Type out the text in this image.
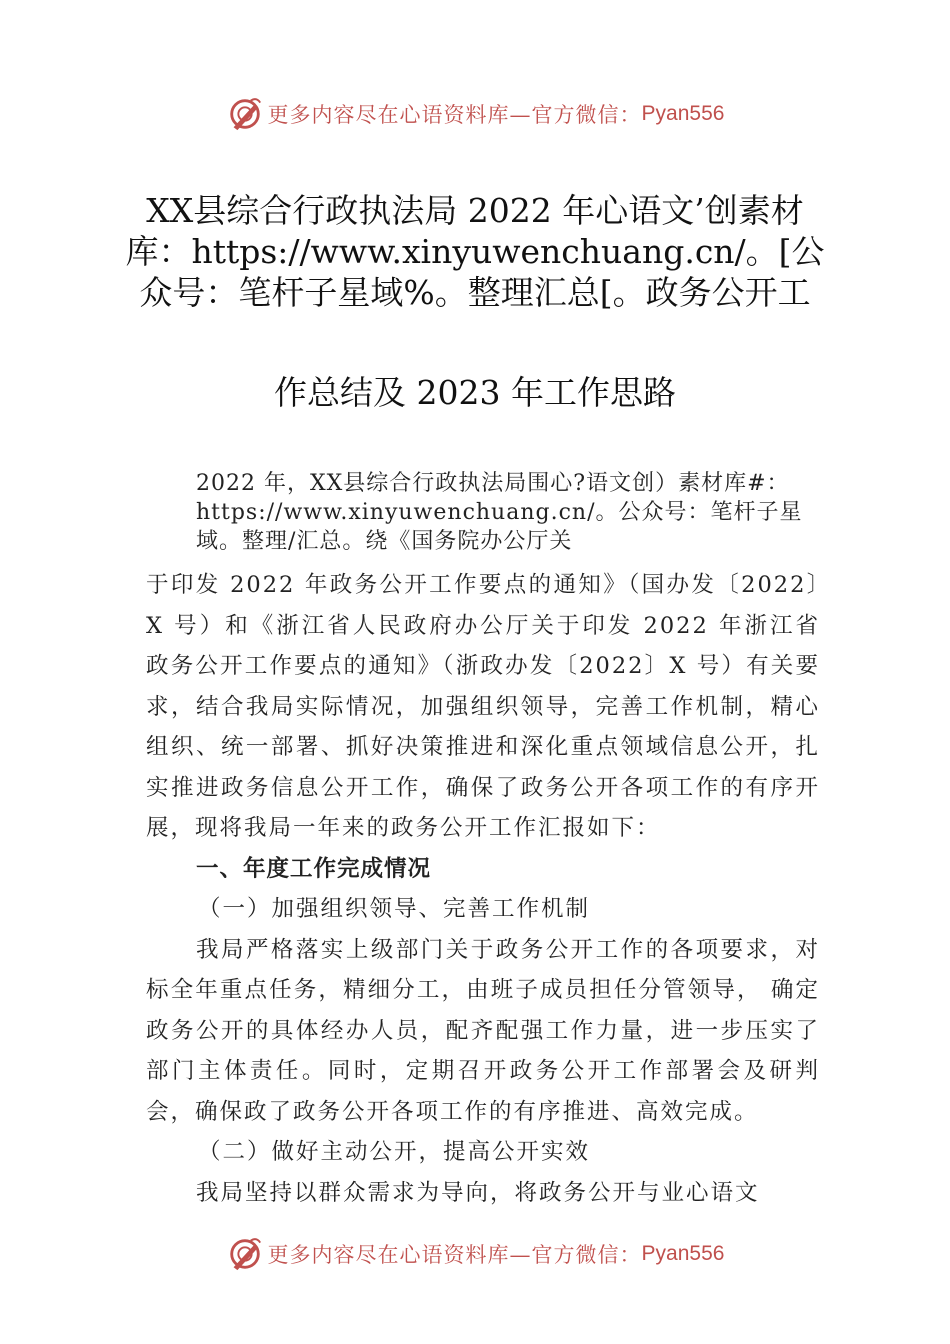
更多内容尽在心语资料库—官方微信： Pyan556
XX县综合行政执法局 2022 年心语文’创素材库：https://www.xinyuwenchuang.cn/。[公众号：笔杆子星域%。整理汇总[。政务公开工
作总结及 2023 年工作思路
2022 年，XX县综合行政执法局围心?语文创）素材库#：https://www.xinyuwenchuang.cn/。公众号：笔杆子星域。整理/汇总。绕《国务院办公厅关

于印发 2022 年政务公开工作要点的通知》（国办发〔2022〕X 号）和《浙江省人民政府办公厅关于印发 2022 年浙江省政务公开工作要点的通知》（浙政办发〔2022〕X 号）有关要求，结合我局实际情况，加强组织领导，完善工作机制，精心组织、统一部署、抓好决策推进和深化重点领域信息公开，扎实推进政务信息公开工作，确保了政务公开各项工作的有序开展，现将我局一年来的政务公开工作汇报如下：

一、年度工作完成情况

（一）加强组织领导、完善工作机制

我局严格落实上级部门关于政务公开工作的各项要求，对标全年重点任务，精细分工，由班子成员担任分管领导， 确定政务公开的具体经办人员，配齐配强工作力量，进一步压实了部门主体责任。同时，定期召开政务公开工作部署会及研判会，确保政了政务公开各项工作的有序推进、高效完成。

（二）做好主动公开，提高公开实效

我局坚持以群众需求为导向，将政务公开与业心语文

更多内容尽在心语资料库—官方微信： Pyan556
